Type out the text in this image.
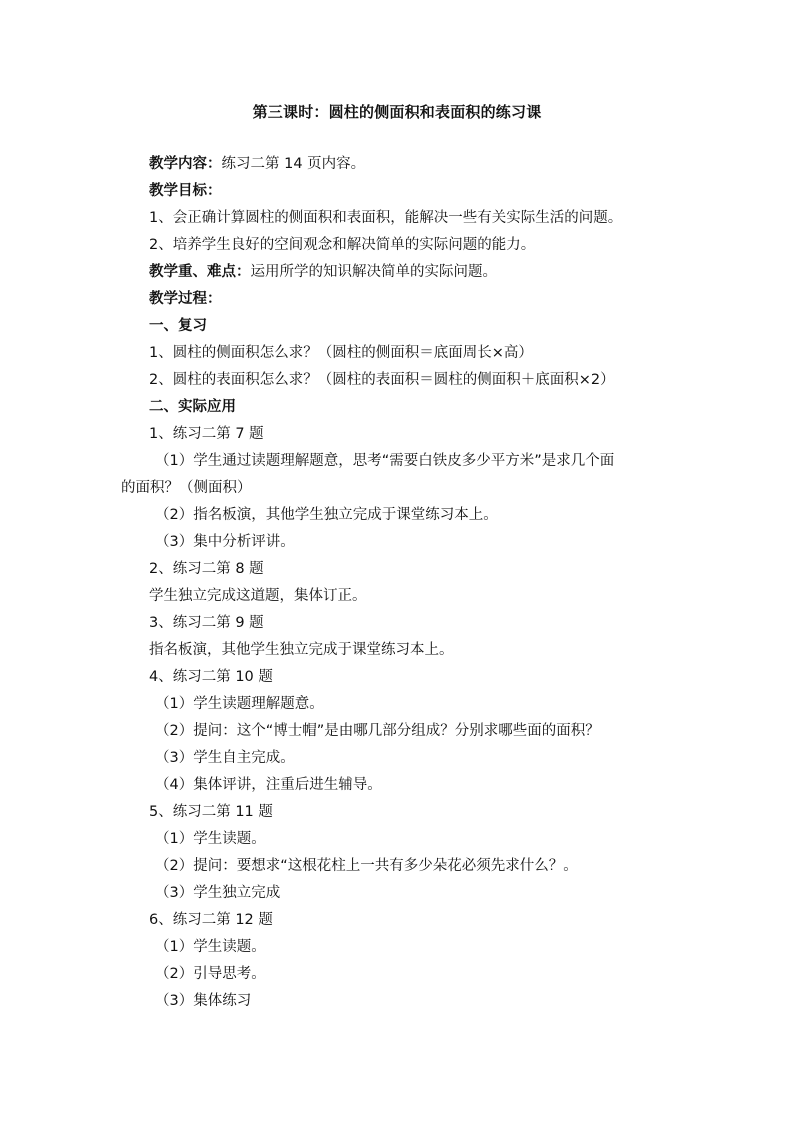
第三课时：圆柱的侧面积和表面积的练习课
教学内容：练习二第 14 页内容。
教学目标：
1、会正确计算圆柱的侧面积和表面积，能解决一些有关实际生活的问题。
2、培养学生良好的空间观念和解决简单的实际问题的能力。
教学重、难点：运用所学的知识解决简单的实际问题。
教学过程：
一、复习
1、圆柱的侧面积怎么求？（圆柱的侧面积＝底面周长×高）
2、圆柱的表面积怎么求？（圆柱的表面积＝圆柱的侧面积＋底面积×2）
二、实际应用
1、练习二第 7 题
（1）学生通过读题理解题意，思考“需要白铁皮多少平方米”是求几个面
的面积？（侧面积）
（2）指名板演，其他学生独立完成于课堂练习本上。
（3）集中分析评讲。
2、练习二第 8 题
学生独立完成这道题，集体订正。
3、练习二第 9 题
指名板演，其他学生独立完成于课堂练习本上。
4、练习二第 10 题
（1）学生读题理解题意。
（2）提问：这个“博士帽”是由哪几部分组成？分别求哪些面的面积？
（3）学生自主完成。
（4）集体评讲，注重后进生辅导。
5、练习二第 11 题
（1）学生读题。
（2）提问：要想求“这根花柱上一共有多少朵花必须先求什么？。
（3）学生独立完成
6、练习二第 12 题
（1）学生读题。
（2）引导思考。
（3）集体练习
